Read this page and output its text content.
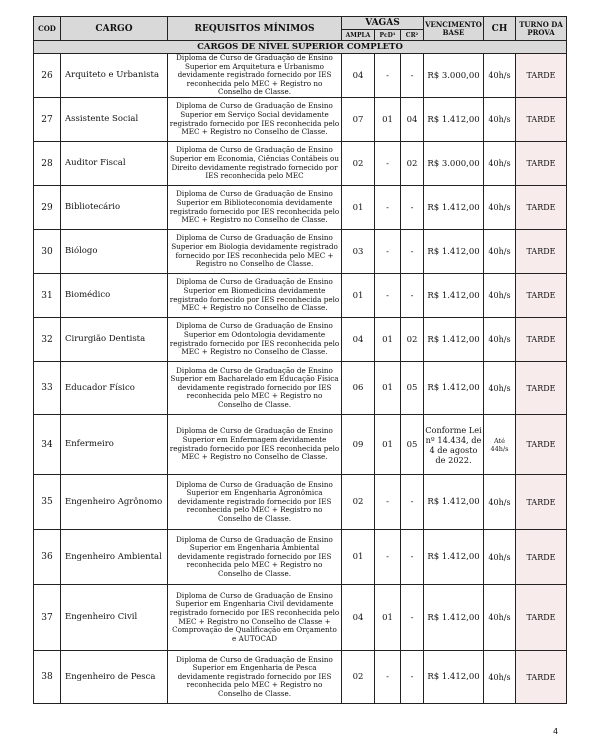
COD	CARGO	REQUISITOS MÍNIMOS	VAGAS			VENCIMENTO BASE	CH	TURNO DA PROVA
			AMPLA	PcD¹	CR²			
CARGOS DE NÍVEL SUPERIOR COMPLETO								
26	Arquiteto e Urbanista	Diploma de Curso de Graduação de Ensino Superior em Arquitetura e Urbanismo devidamente registrado fornecido por IES reconhecida pelo MEC + Registro no Conselho de Classe.	04	-	-	R$ 3.000,00	40h/s	TARDE
27	Assistente Social	Diploma de Curso de Graduação de Ensino Superior em Serviço Social devidamente registrado fornecido por IES reconhecida pelo MEC + Registro no Conselho de Classe.	07	01	04	R$ 1.412,00	40h/s	TARDE
28	Auditor Fiscal	Diploma de Curso de Graduação de Ensino Superior em Economia, Ciências Contábeis ou Direito devidamente registrado fornecido por IES reconhecida pelo MEC	02	-	02	R$ 3.000,00	40h/s	TARDE
29	Bibliotecário	Diploma de Curso de Graduação de Ensino Superior em Biblioteconomia devidamente registrado fornecido por IES reconhecida pelo MEC + Registro no Conselho de Classe.	01	-	-	R$ 1.412,00	40h/s	TARDE
30	Biólogo	Diploma de Curso de Graduação de Ensino Superior em Biologia devidamente registrado fornecido por IES reconhecida pelo MEC + Registro no Conselho de Classe.	03	-	-	R$ 1.412,00	40h/s	TARDE
31	Biomédico	Diploma de Curso de Graduação de Ensino Superior em Biomedicina devidamente registrado fornecido por IES reconhecida pelo MEC + Registro no Conselho de Classe.	01	-	-	R$ 1.412,00	40h/s	TARDE
32	Cirurgião Dentista	Diploma de Curso de Graduação de Ensino Superior em Odontologia devidamente registrado fornecido por IES reconhecida pelo MEC + Registro no Conselho de Classe.	04	01	02	R$ 1.412,00	40h/s	TARDE
33	Educador Físico	Diploma de Curso de Graduação de Ensino Superior em Bacharelado em Educação Física devidamente registrado fornecido por IES reconhecida pelo MEC + Registro no Conselho de Classe.	06	01	05	R$ 1.412,00	40h/s	TARDE
34	Enfermeiro	Diploma de Curso de Graduação de Ensino Superior em Enfermagem devidamente registrado fornecido por IES reconhecida pelo MEC + Registro no Conselho de Classe.	09	01	05	Conforme Lei nº 14.434, de 4 de agosto de 2022.	Até 44h/s	TARDE
35	Engenheiro Agrônomo	Diploma de Curso de Graduação de Ensino Superior em Engenharia Agronômica devidamente registrado fornecido por IES reconhecida pelo MEC + Registro no Conselho de Classe.	02	-	-	R$ 1.412,00	40h/s	TARDE
36	Engenheiro Ambiental	Diploma de Curso de Graduação de Ensino Superior em Engenharia Ambiental devidamente registrado fornecido por IES reconhecida pelo MEC + Registro no Conselho de Classe.	01	-	-	R$ 1.412,00	40h/s	TARDE
37	Engenheiro Civil	Diploma de Curso de Graduação de Ensino Superior em Engenharia Civil devidamente registrado fornecido por IES reconhecida pelo MEC + Registro no Conselho de Classe + Comprovação de Qualificação em Orçamento e AUTOCAD	04	01	-	R$ 1.412,00	40h/s	TARDE
38	Engenheiro de Pesca	Diploma de Curso de Graduação de Ensino Superior em Engenharia de Pesca devidamente registrado fornecido por IES reconhecida pelo MEC + Registro no Conselho de Classe.	02	-	-	R$ 1.412,00	40h/s	TARDE
4
